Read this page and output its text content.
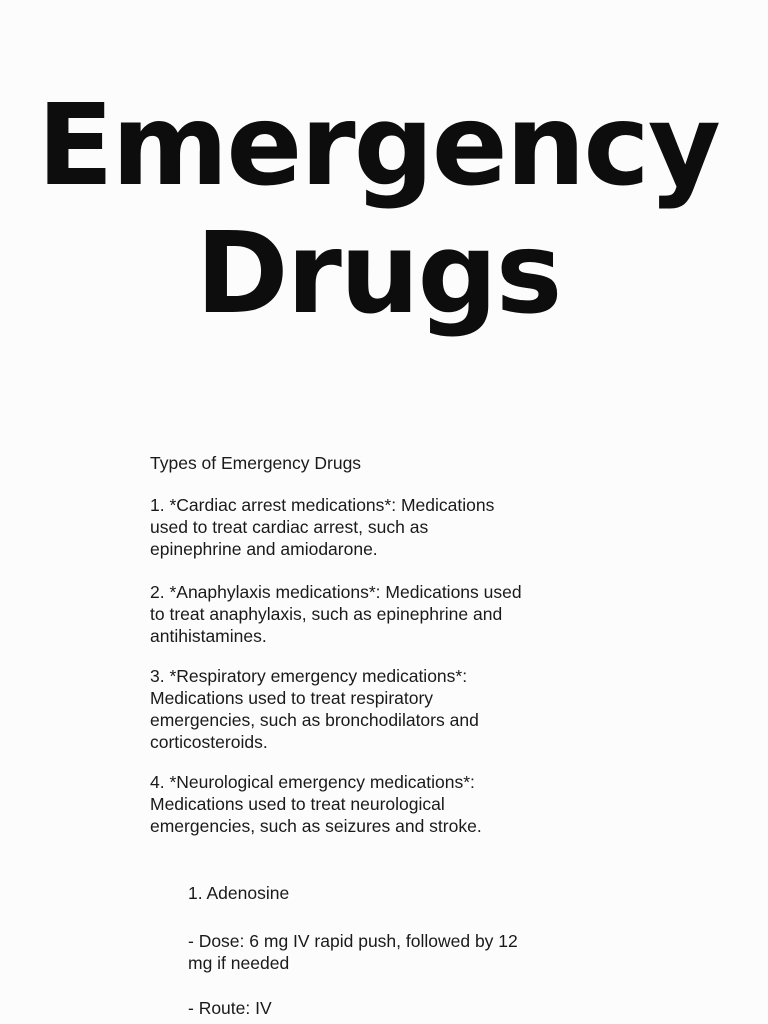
Emergency
Drugs
Types of Emergency Drugs

1. *Cardiac arrest medications*: Medications
used to treat cardiac arrest, such as
epinephrine and amiodarone.

2. *Anaphylaxis medications*: Medications used
to treat anaphylaxis, such as epinephrine and
antihistamines.

3. *Respiratory emergency medications*:
Medications used to treat respiratory
emergencies, such as bronchodilators and
corticosteroids.

4. *Neurological emergency medications*:
Medications used to treat neurological
emergencies, such as seizures and stroke.

1. Adenosine
- Dose: 6 mg IV rapid push, followed by 12
mg if needed
- Route: IV
